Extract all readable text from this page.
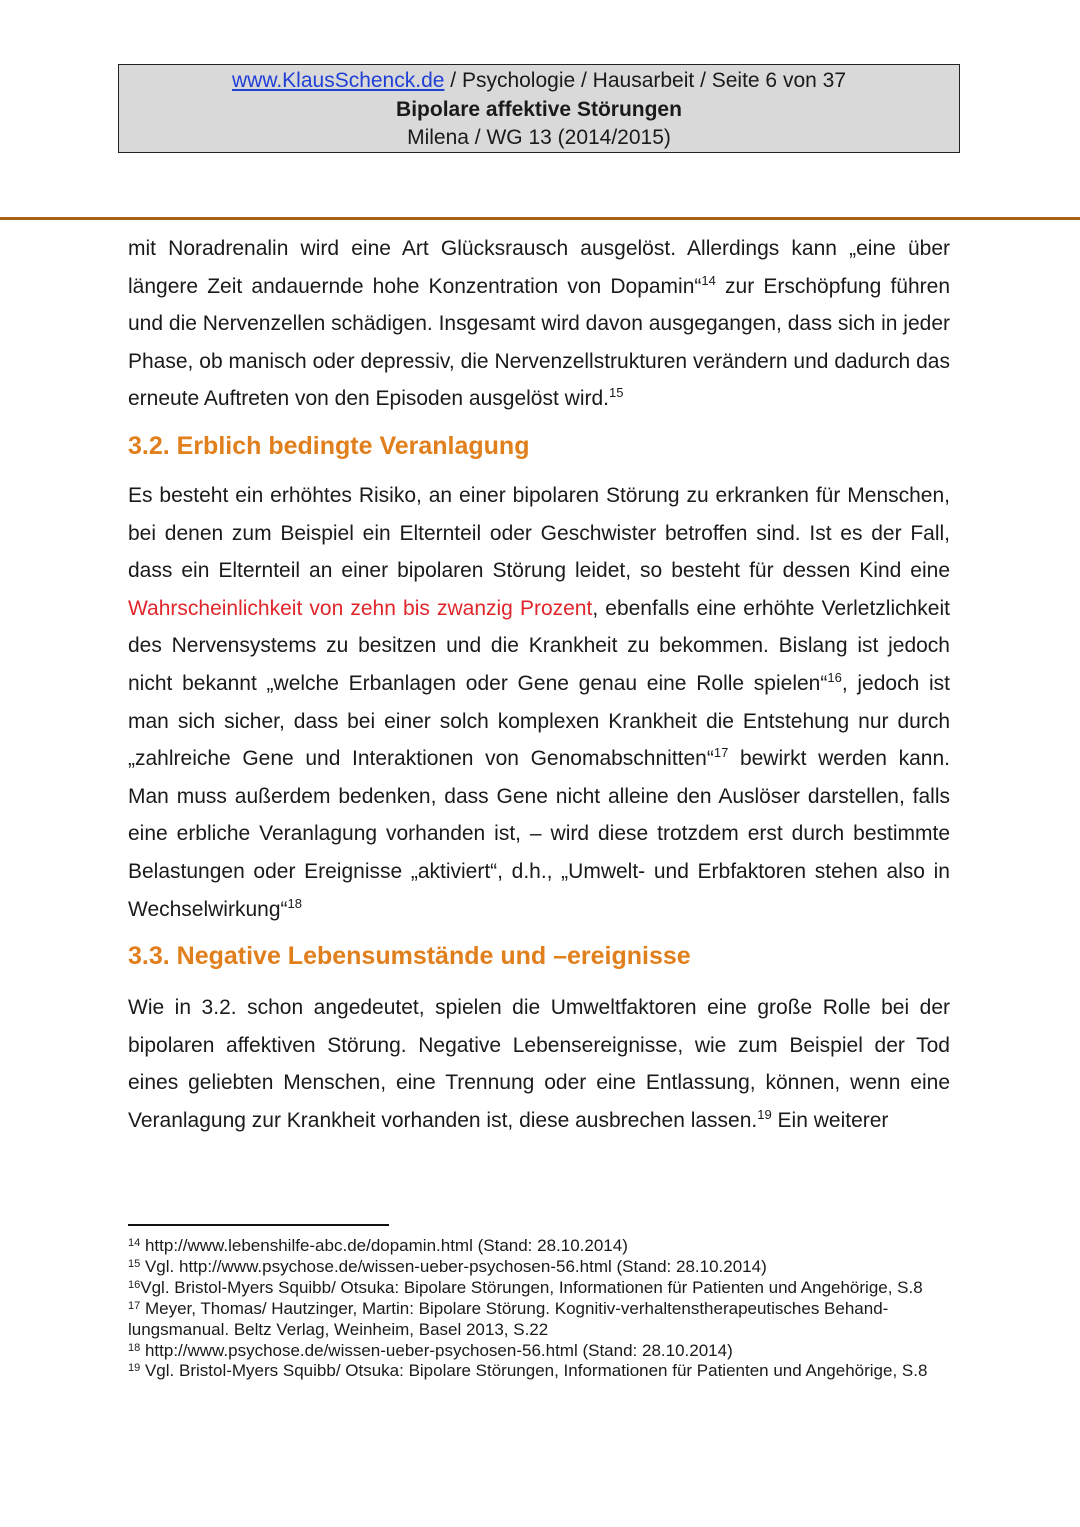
www.KlausSchenck.de / Psychologie / Hausarbeit / Seite 6 von 37
Bipolare affektive Störungen
Milena / WG 13 (2014/2015)

mit Noradrenalin wird eine Art Glücksrausch ausgelöst. Allerdings kann „eine über längere Zeit andauernde hohe Konzentration von Dopamin“$^{14}$ zur Erschöpfung führen und die Nervenzellen schädigen. Insgesamt wird davon ausgegangen, dass sich in jeder Phase, ob manisch oder depressiv, die Nervenzellstrukturen verändern und dadurch das erneute Auftreten von den Episoden ausgelöst wird.$^{15}$

3.2. Erblich bedingte Veranlagung

Es besteht ein erhöhtes Risiko, an einer bipolaren Störung zu erkranken für Menschen, bei denen zum Beispiel ein Elternteil oder Geschwister betroffen sind. Ist es der Fall, dass ein Elternteil an einer bipolaren Störung leidet, so besteht für dessen Kind eine Wahrscheinlichkeit von zehn bis zwanzig Prozent, ebenfalls eine erhöhte Verletzlichkeit des Nervensystems zu besitzen und die Krankheit zu bekommen. Bislang ist jedoch nicht bekannt „welche Erbanlagen oder Gene genau eine Rolle spielen“$^{16}$, jedoch ist man sich sicher, dass bei einer solch komplexen Krankheit die Entstehung nur durch „zahlreiche Gene und Interaktionen von Genomabschnitten“$^{17}$ bewirkt werden kann. Man muss außerdem bedenken, dass Gene nicht alleine den Auslöser darstellen, falls eine erbliche Veranlagung vorhanden ist, – wird diese trotzdem erst durch bestimmte Belastungen oder Ereignisse „aktiviert“, d.h., „Umwelt- und Erbfaktoren stehen also in Wechselwirkung“$^{18}$

3.3. Negative Lebensumstände und –ereignisse

Wie in 3.2. schon angedeutet, spielen die Umweltfaktoren eine große Rolle bei der bipolaren affektiven Störung. Negative Lebensereignisse, wie zum Beispiel der Tod eines geliebten Menschen, eine Trennung oder eine Entlassung, können, wenn eine Veranlagung zur Krankheit vorhanden ist, diese ausbrechen lassen.$^{19}$ Ein weiterer

$^{14}$ http://www.lebenshilfe-abc.de/dopamin.html (Stand: 28.10.2014)
$^{15}$ Vgl. http://www.psychose.de/wissen-ueber-psychosen-56.html (Stand: 28.10.2014)
$^{16}$Vgl. Bristol-Myers Squibb/ Otsuka: Bipolare Störungen, Informationen für Patienten und Angehörige, S.8
$^{17}$ Meyer, Thomas/ Hautzinger, Martin: Bipolare Störung. Kognitiv-verhaltenstherapeutisches Behandlungsmanual. Beltz Verlag, Weinheim, Basel 2013, S.22
$^{18}$ http://www.psychose.de/wissen-ueber-psychosen-56.html (Stand: 28.10.2014)
$^{19}$ Vgl. Bristol-Myers Squibb/ Otsuka: Bipolare Störungen, Informationen für Patienten und Angehörige, S.8
